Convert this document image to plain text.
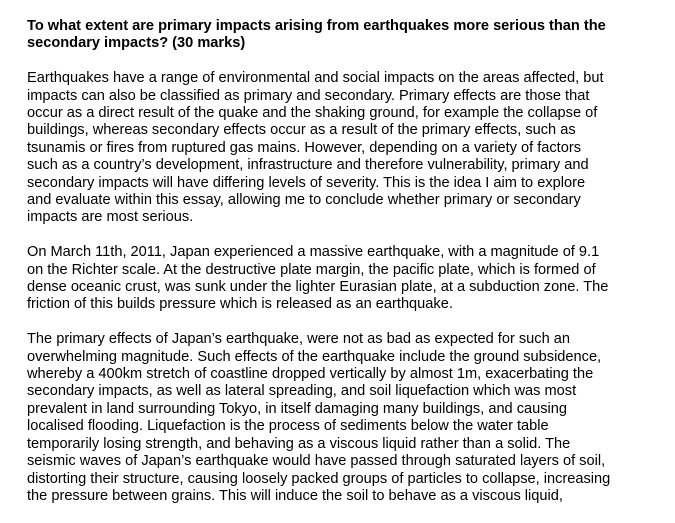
To what extent are primary impacts arising from earthquakes more serious than the
secondary impacts? (30 marks)
Earthquakes have a range of environmental and social impacts on the areas affected, but
impacts can also be classified as primary and secondary. Primary effects are those that
occur as a direct result of the quake and the shaking ground, for example the collapse of
buildings, whereas secondary effects occur as a result of the primary effects, such as
tsunamis or fires from ruptured gas mains. However, depending on a variety of factors
such as a country’s development, infrastructure and therefore vulnerability, primary and
secondary impacts will have differing levels of severity. This is the idea I aim to explore
and evaluate within this essay, allowing me to conclude whether primary or secondary
impacts are most serious.
On March 11th, 2011, Japan experienced a massive earthquake, with a magnitude of 9.1
on the Richter scale. At the destructive plate margin, the pacific plate, which is formed of
dense oceanic crust, was sunk under the lighter Eurasian plate, at a subduction zone. The
friction of this builds pressure which is released as an earthquake.
The primary effects of Japan’s earthquake, were not as bad as expected for such an
overwhelming magnitude. Such effects of the earthquake include the ground subsidence,
whereby a 400km stretch of coastline dropped vertically by almost 1m, exacerbating the
secondary impacts, as well as lateral spreading, and soil liquefaction which was most
prevalent in land surrounding Tokyo, in itself damaging many buildings, and causing
localised flooding. Liquefaction is the process of sediments below the water table
temporarily losing strength, and behaving as a viscous liquid rather than a solid. The
seismic waves of Japan’s earthquake would have passed through saturated layers of soil,
distorting their structure, causing loosely packed groups of particles to collapse, increasing
the pressure between grains. This will induce the soil to behave as a viscous liquid,
